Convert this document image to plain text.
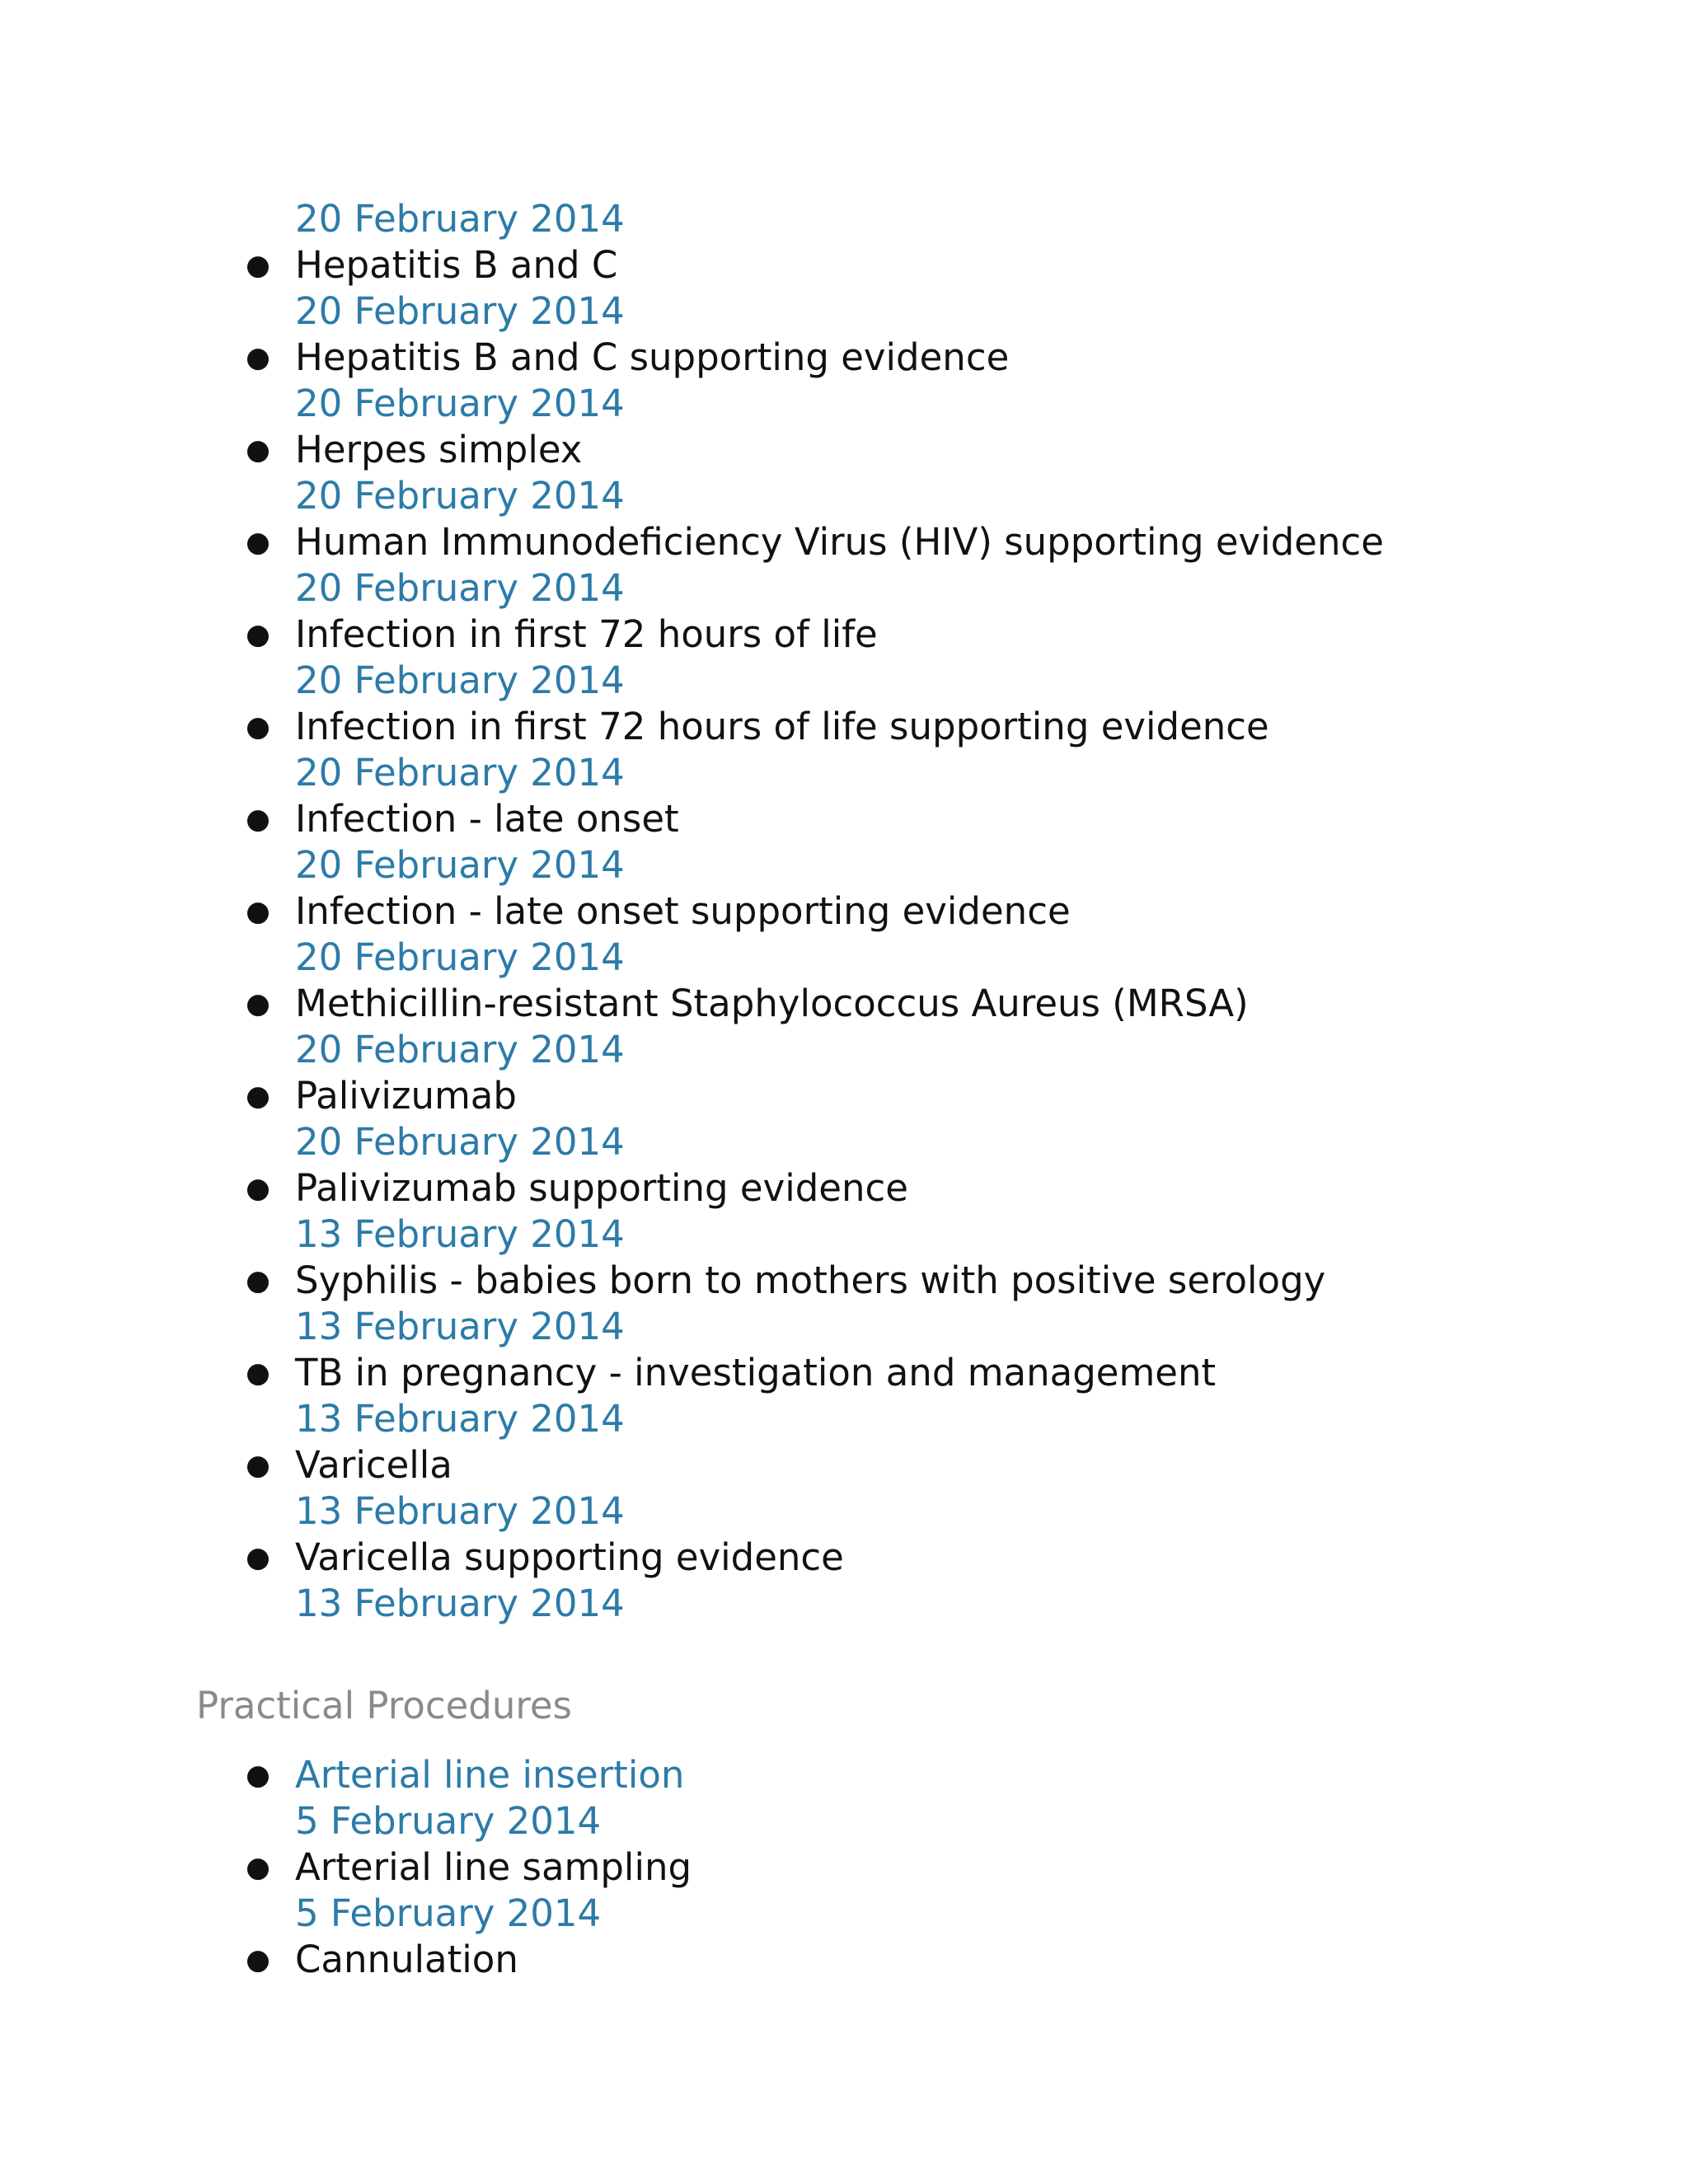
20 February 2014
● Hepatitis B and C
20 February 2014
● Hepatitis B and C supporting evidence
20 February 2014
● Herpes simplex
20 February 2014
● Human Immunodeficiency Virus (HIV) supporting evidence
20 February 2014
● Infection in first 72 hours of life
20 February 2014
● Infection in first 72 hours of life supporting evidence
20 February 2014
● Infection - late onset
20 February 2014
● Infection - late onset supporting evidence
20 February 2014
● Methicillin-resistant Staphylococcus Aureus (MRSA)
20 February 2014
● Palivizumab
20 February 2014
● Palivizumab supporting evidence
13 February 2014
● Syphilis - babies born to mothers with positive serology
13 February 2014
● TB in pregnancy - investigation and management
13 February 2014
● Varicella
13 February 2014
● Varicella supporting evidence
13 February 2014
Practical Procedures
● Arterial line insertion
5 February 2014
● Arterial line sampling
5 February 2014
● Cannulation
